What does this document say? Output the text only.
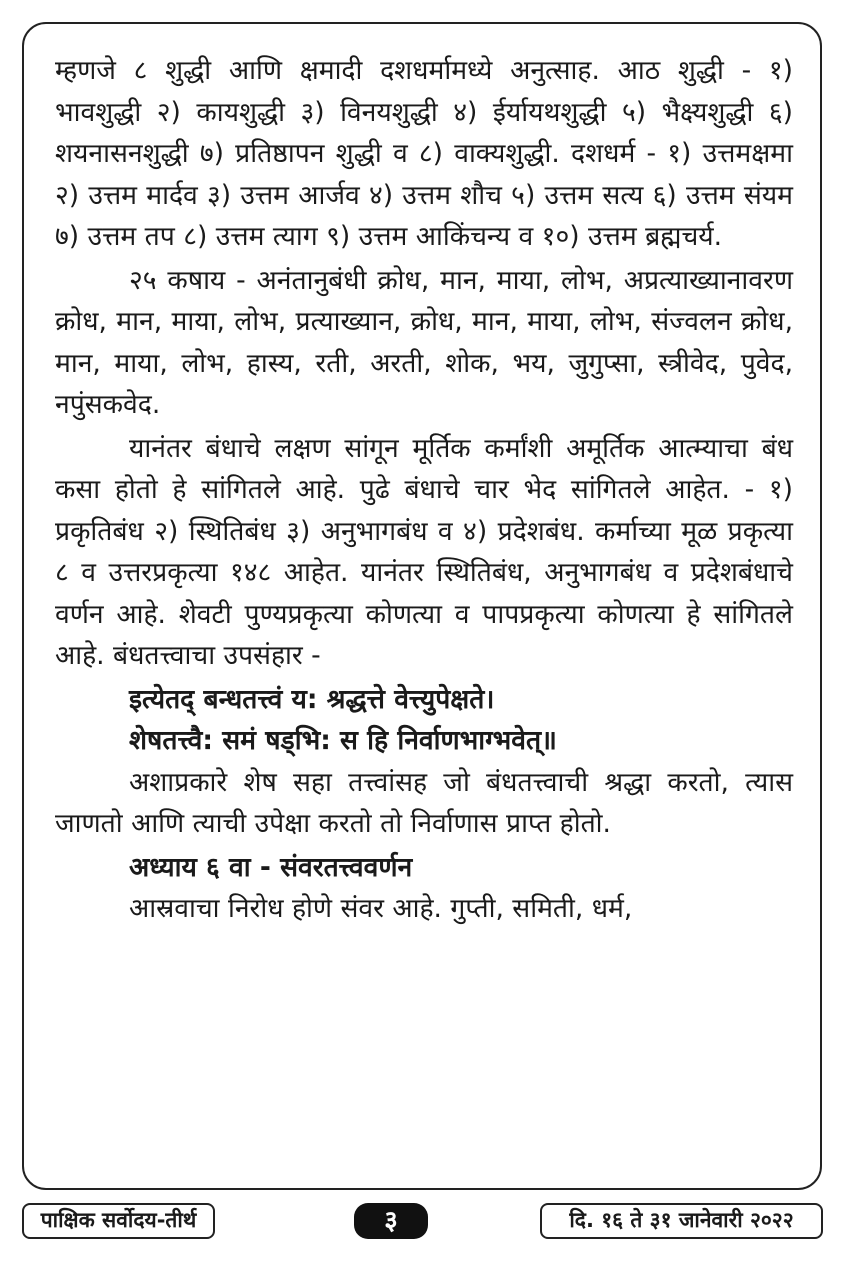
म्हणजे ८ शुद्धी आणि क्षमादी दशधर्मामध्ये अनुत्साह. आठ शुद्धी - १) भावशुद्धी २) कायशुद्धी ३) विनयशुद्धी ४) ईर्यायथशुद्धी ५) भैक्ष्यशुद्धी ६) शयनासनशुद्धी ७) प्रतिष्ठापन शुद्धी व ८) वाक्यशुद्धी. दशधर्म - १) उत्तमक्षमा २) उत्तम मार्दव ३) उत्तम आर्जव ४) उत्तम शौच ५) उत्तम सत्य ६) उत्तम संयम ७) उत्तम तप ८) उत्तम त्याग ९) उत्तम आकिंचन्य व १०) उत्तम ब्रह्मचर्य.

२५ कषाय - अनंतानुबंधी क्रोध, मान, माया, लोभ, अप्रत्याख्यानावरण क्रोध, मान, माया, लोभ, प्रत्याख्यान, क्रोध, मान, माया, लोभ, संज्वलन क्रोध, मान, माया, लोभ, हास्य, रती, अरती, शोक, भय, जुगुप्सा, स्त्रीवेद, पुवेद, नपुंसकवेद.

यानंतर बंधाचे लक्षण सांगून मूर्तिक कर्मांशी अमूर्तिक आत्म्याचा बंध कसा होतो हे सांगितले आहे. पुढे बंधाचे चार भेद सांगितले आहेत. - १) प्रकृतिबंध २) स्थितिबंध ३) अनुभागबंध व ४) प्रदेशबंध. कर्माच्या मूळ प्रकृत्या ८ व उत्तरप्रकृत्या १४८ आहेत. यानंतर स्थितिबंध, अनुभागबंध व प्रदेशबंधाचे वर्णन आहे. शेवटी पुण्यप्रकृत्या कोणत्या व पापप्रकृत्या कोणत्या हे सांगितले आहे. बंधतत्त्वाचा उपसंहार -

इत्येतद् बन्धतत्त्वं य: श्रद्धत्ते वेत्त्युपेक्षते।

शेषतत्त्वै: समं षड्भि: स हि निर्वाणभाग्भवेत्॥

अशाप्रकारे शेष सहा तत्त्वांसह जो बंधतत्त्वाची श्रद्धा करतो, त्यास जाणतो आणि त्याची उपेक्षा करतो तो निर्वाणास प्राप्त होतो.

अध्याय ६ वा - संवरतत्त्ववर्णन

आस्रवाचा निरोध होणे संवर आहे. गुप्ती, समिती, धर्म,

पाक्षिक सर्वोदय-तीर्थ	३	दि. १६ ते ३१ जानेवारी २०२२
